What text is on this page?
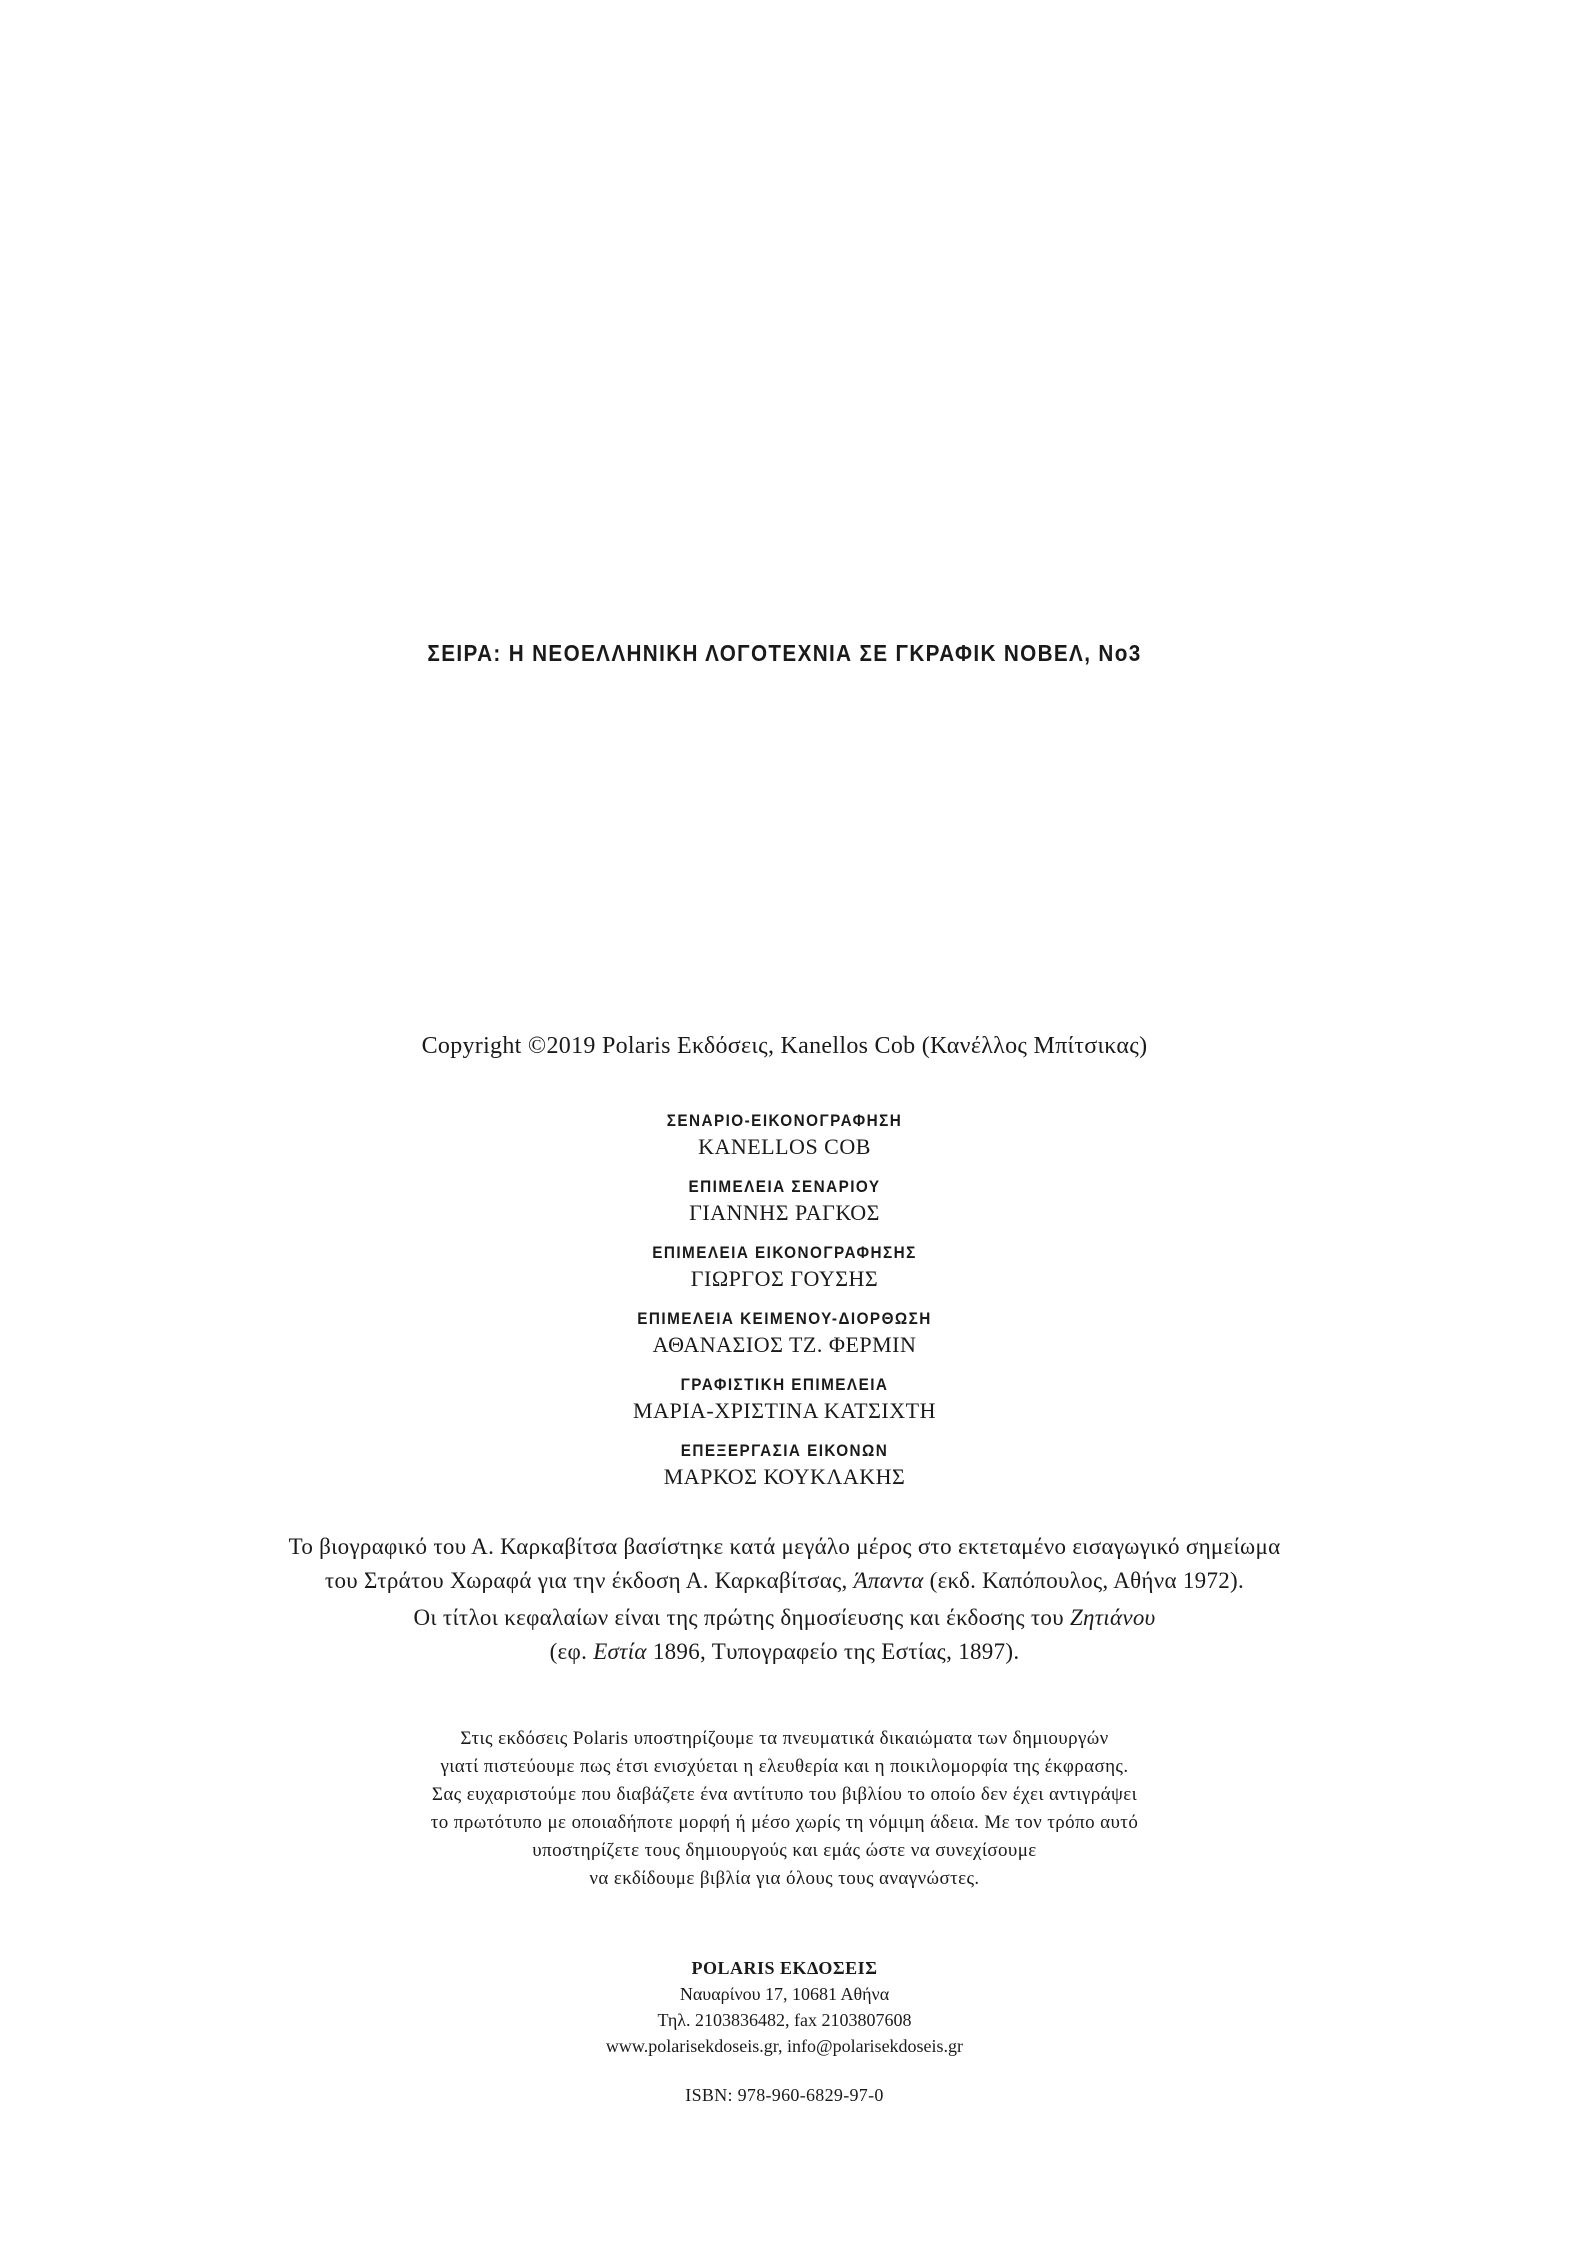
ΣΕΙΡΑ: Η ΝΕΟΕΛΛΗΝΙΚΗ ΛΟΓΟΤΕΧΝΙΑ ΣΕ ΓΚΡΑΦΙΚ ΝΟΒΕΛ, Νο3
Copyright ©2019 Polaris Εκδόσεις, Kanellos Cob (Κανέλλος Μπίτσικας)
ΣΕΝΑΡΙΟ-ΕΙΚΟΝΟΓΡΑΦΗΣΗ
KANELLOS COB
ΕΠΙΜΕΛΕΙΑ ΣΕΝΑΡΙΟΥ
ΓΙΑΝΝΗΣ ΡΑΓΚΟΣ
ΕΠΙΜΕΛΕΙΑ ΕΙΚΟΝΟΓΡΑΦΗΣΗΣ
ΓΙΩΡΓΟΣ ΓΟΥΣΗΣ
ΕΠΙΜΕΛΕΙΑ ΚΕΙΜΕΝΟΥ-ΔΙΟΡΘΩΣΗ
ΑΘΑΝΑΣΙΟΣ ΤΖ. ΦΕΡΜΙΝ
ΓΡΑΦΙΣΤΙΚΗ ΕΠΙΜΕΛΕΙΑ
ΜΑΡΙΑ-ΧΡΙΣΤΙΝΑ ΚΑΤΣΙΧΤΗ
ΕΠΕΞΕΡΓΑΣΙΑ ΕΙΚΟΝΩΝ
ΜΑΡΚΟΣ ΚΟΥΚΛΑΚΗΣ
Το βιογραφικό του Α. Καρκαβίτσα βασίστηκε κατά μεγάλο μέρος στο εκτεταμένο εισαγωγικό σημείωμα
του Στράτου Χωραφά για την έκδοση Α. Καρκαβίτσας, Άπαντα (εκδ. Καπόπουλος, Αθήνα 1972).
Οι τίτλοι κεφαλαίων είναι της πρώτης δημοσίευσης και έκδοσης του Ζητιάνου
(εφ. Εστία 1896, Τυπογραφείο της Εστίας, 1897).
Στις εκδόσεις Polaris υποστηρίζουμε τα πνευματικά δικαιώματα των δημιουργών
γιατί πιστεύουμε πως έτσι ενισχύεται η ελευθερία και η ποικιλομορφία της έκφρασης.
Σας ευχαριστούμε που διαβάζετε ένα αντίτυπο του βιβλίου το οποίο δεν έχει αντιγράψει
το πρωτότυπο με οποιαδήποτε μορφή ή μέσο χωρίς τη νόμιμη άδεια. Με τον τρόπο αυτό
υποστηρίζετε τους δημιουργούς και εμάς ώστε να συνεχίσουμε
να εκδίδουμε βιβλία για όλους τους αναγνώστες.
POLARIS ΕΚΔΟΣΕΙΣ
Ναυαρίνου 17, 10681 Αθήνα
Τηλ. 2103836482, fax 2103807608
www.polarisekdoseis.gr, info@polarisekdoseis.gr
ISBN: 978-960-6829-97-0
